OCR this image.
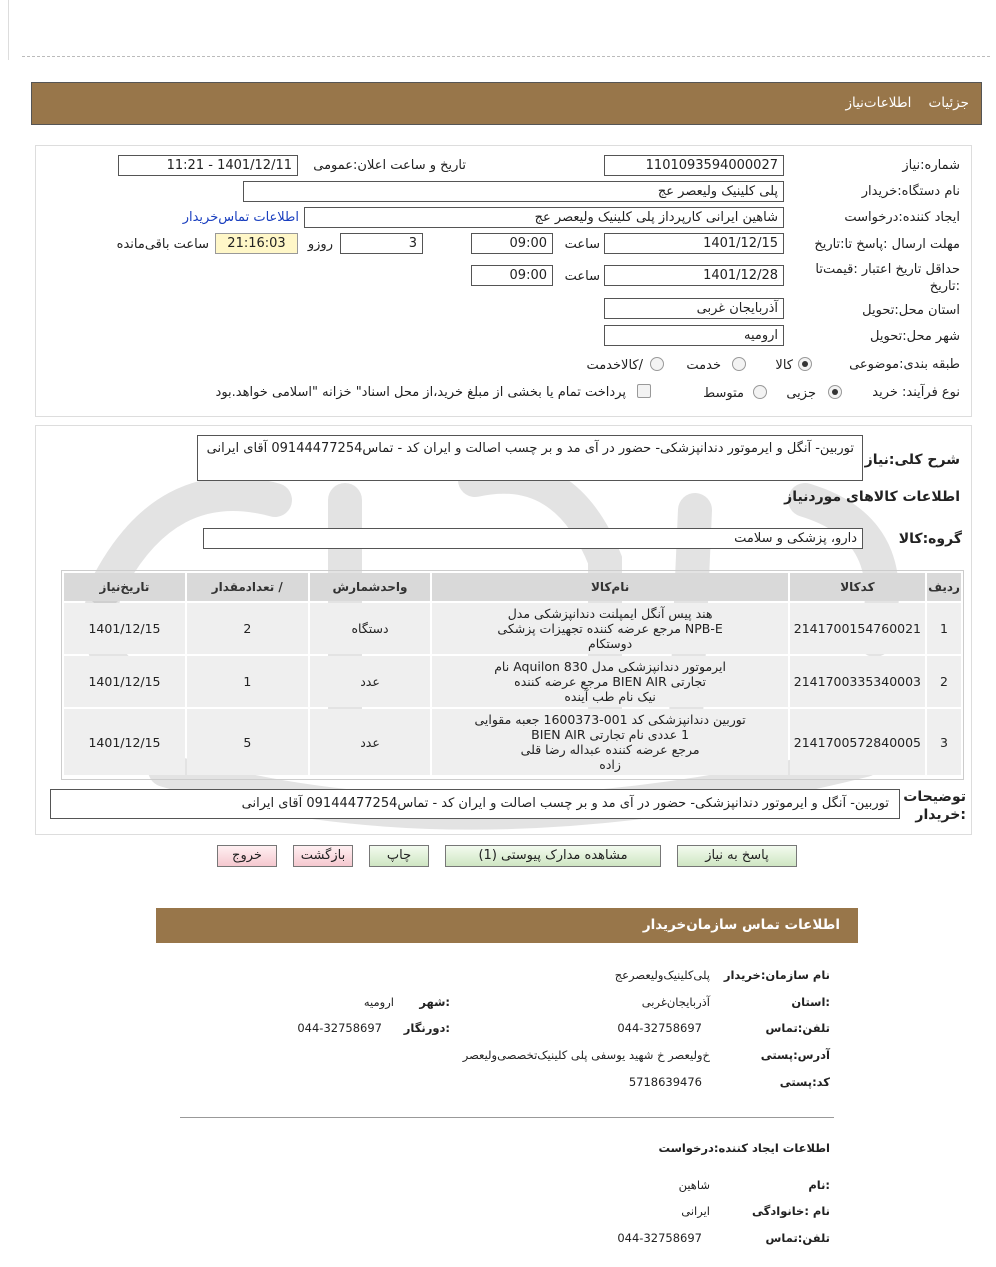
جزئیات    اطلاعات‌نیاز
شماره:نیاز
1101093594000027
تاریخ و ساعت اعلان:عمومی
1401/12/11 - 11:21
نام دستگاه:خریدار
پلی کلینیک ولیعصر عج
ایجاد کننده:درخواست
شاهین ایرانی کارپرداز پلی کلینیک ولیعصر عج
اطلاعات تماس‌خریدار
مهلت ارسال :پاسخ تا:تاریخ
1401/12/15
ساعت
09:00
3
روزو
21:16:03
ساعت باقی‌مانده
حداقل تاریخ اعتبار :قیمت‌تا
:تاریخ
1401/12/28
ساعت
09:00
استان محل:تحویل
آذربایجان غربی
شهر محل:تحویل
ارومیه
طبقه بندی:موضوعی
کالا
خدمت
/کالاخدمت
نوع فرآیند: خرید
جزیی
متوسط
پرداخت تمام یا بخشی از مبلغ خرید،از محل اسناد" خزانه "اسلامی خواهد.بود
توربین- آنگل و ایرموتور دندانپزشکی- حضور در آی مد و بر چسب اصالت و ایران کد - تماس09144477254 آقای ایرانی
شرح کلی:نیاز
اطلاعات کالاهای موردنیاز
گروه:کالا
دارو، پزشکی و سلامت
ردیف	کدکالا	نام‌کالا	واحدشمارش	/ تعدادمقدار	تاریخ‌نیاز
1	2141700154760021	هند پیس آنگل ایمپلنت دندانپزشکی مدل
NPB-E مرجع عرضه کننده تجهیزات پزشکی
دوستکام	دستگاه	2	1401/12/15
2	2141700335340003	ایرموتور دندانپزشکی مدل Aquilon 830 نام
تجارتی BIEN AIR مرجع عرضه کننده
نیک نام طب آینده	عدد	1	1401/12/15
3	2141700572840005	توربین دندانپزشکی کد 001-1600373 جعبه مقوایی
1 عددی نام تجارتی BIEN AIR
مرجع عرضه کننده عبداله رضا قلی
زاده	عدد	5	1401/12/15
توضیحات
:خریدار
توربین- آنگل و ایرموتور دندانپزشکی- حضور در آی مد و بر چسب اصالت و ایران کد - تماس09144477254 آقای ایرانی
پاسخ به نیاز
مشاهده مدارک پیوستی (1)
چاپ
بازگشت
خروج
اطلاعات تماس سازمان‌خریدار
نام سازمان:خریدار
پلی‌کلینیک‌ولیعصرعج
:استان
آذربایجان‌غربی
:شهر
ارومیه
تلفن:تماس
044-32758697
:دورنگار
044-32758697
آدرس:پستی
خ‌ولیعصر خ شهید یوسفی پلی کلینیک‌تخصصی‌ولیعصر
کد:پستی
5718639476
اطلاعات ایجاد کننده:درخواست
:نام
شاهین
نام :خانوادگی
ایرانی
تلفن:تماس
044-32758697
